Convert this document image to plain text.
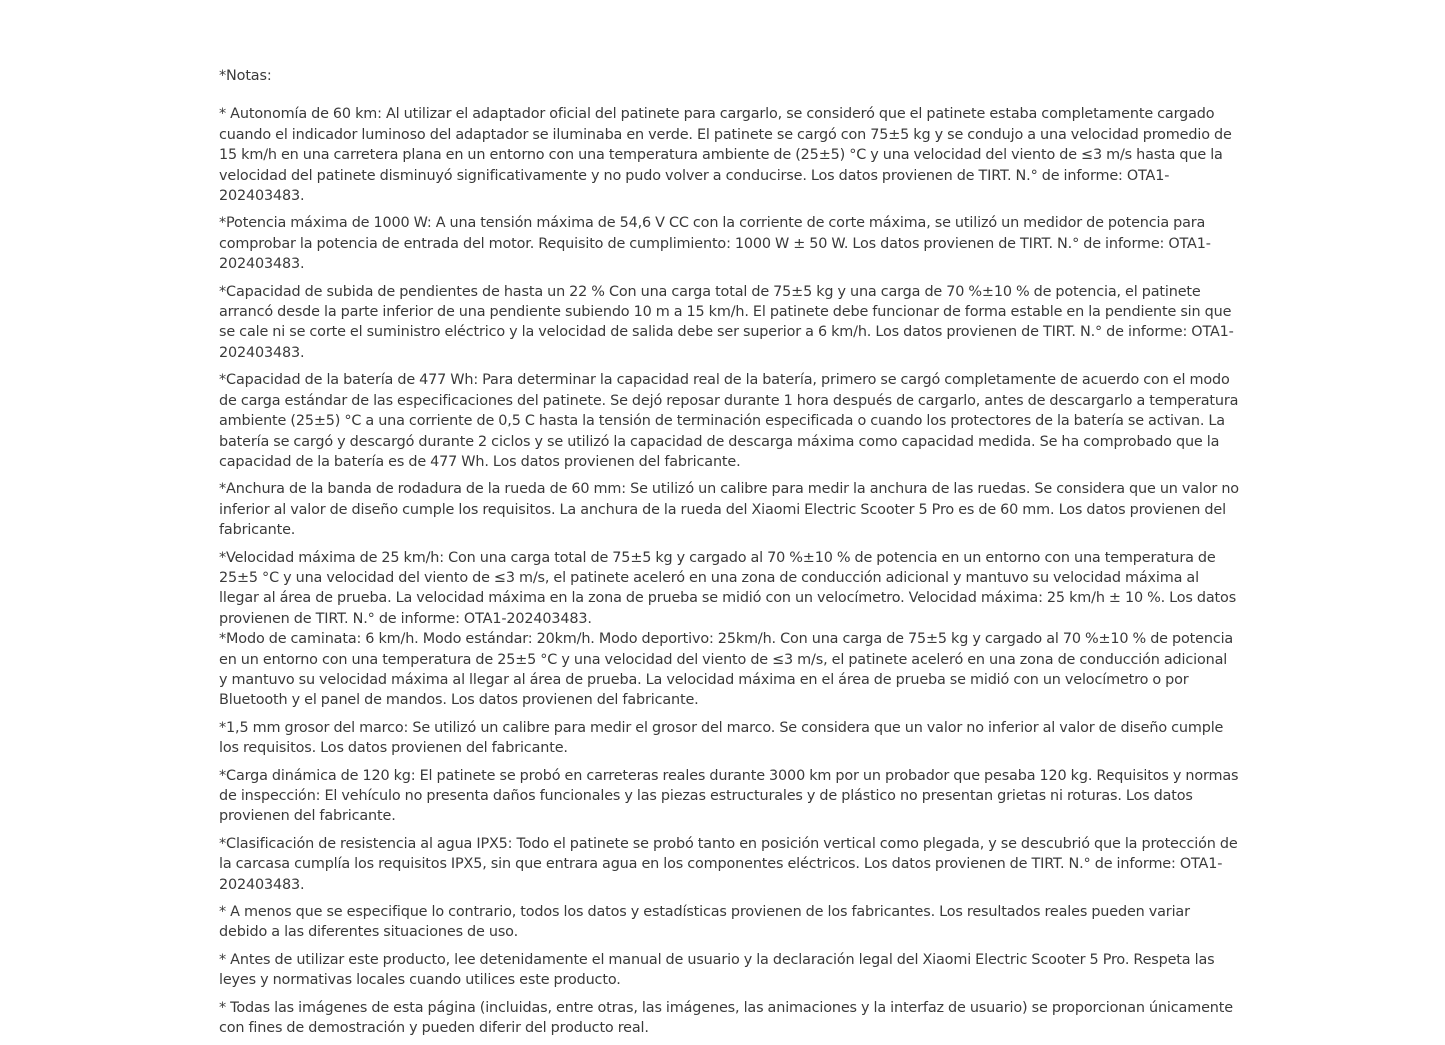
*Notas:

* Autonomía de 60 km: Al utilizar el adaptador oficial del patinete para cargarlo, se consideró que el patinete estaba completamente cargado cuando el indicador luminoso del adaptador se iluminaba en verde. El patinete se cargó con 75±5 kg y se condujo a una velocidad promedio de 15 km/h en una carretera plana en un entorno con una temperatura ambiente de (25±5) °C y una velocidad del viento de ≤3 m/s hasta que la velocidad del patinete disminuyó significativamente y no pudo volver a conducirse. Los datos provienen de TIRT. N.° de informe: OTA1-202403483.

*Potencia máxima de 1000 W: A una tensión máxima de 54,6 V CC con la corriente de corte máxima, se utilizó un medidor de potencia para comprobar la potencia de entrada del motor. Requisito de cumplimiento: 1000 W ± 50 W. Los datos provienen de TIRT. N.° de informe: OTA1-202403483.

*Capacidad de subida de pendientes de hasta un 22 % Con una carga total de 75±5 kg y una carga de 70 %±10 % de potencia, el patinete arrancó desde la parte inferior de una pendiente subiendo 10 m a 15 km/h. El patinete debe funcionar de forma estable en la pendiente sin que se cale ni se corte el suministro eléctrico y la velocidad de salida debe ser superior a 6 km/h. Los datos provienen de TIRT. N.° de informe: OTA1-202403483.

*Capacidad de la batería de 477 Wh: Para determinar la capacidad real de la batería, primero se cargó completamente de acuerdo con el modo de carga estándar de las especificaciones del patinete. Se dejó reposar durante 1 hora después de cargarlo, antes de descargarlo a temperatura ambiente (25±5) °C a una corriente de 0,5 C hasta la tensión de terminación especificada o cuando los protectores de la batería se activan. La batería se cargó y descargó durante 2 ciclos y se utilizó la capacidad de descarga máxima como capacidad medida. Se ha comprobado que la capacidad de la batería es de 477 Wh. Los datos provienen del fabricante.

*Anchura de la banda de rodadura de la rueda de 60 mm: Se utilizó un calibre para medir la anchura de las ruedas. Se considera que un valor no inferior al valor de diseño cumple los requisitos. La anchura de la rueda del Xiaomi Electric Scooter 5 Pro es de 60 mm. Los datos provienen del fabricante.

*Velocidad máxima de 25 km/h: Con una carga total de 75±5 kg y cargado al 70 %±10 % de potencia en un entorno con una temperatura de 25±5 °C y una velocidad del viento de ≤3 m/s, el patinete aceleró en una zona de conducción adicional y mantuvo su velocidad máxima al llegar al área de prueba. La velocidad máxima en la zona de prueba se midió con un velocímetro. Velocidad máxima: 25 km/h ± 10 %. Los datos provienen de TIRT. N.° de informe: OTA1-202403483.

*Modo de caminata: 6 km/h. Modo estándar: 20km/h. Modo deportivo: 25km/h. Con una carga de 75±5 kg y cargado al 70 %±10 % de potencia en un entorno con una temperatura de 25±5 °C y una velocidad del viento de ≤3 m/s, el patinete aceleró en una zona de conducción adicional y mantuvo su velocidad máxima al llegar al área de prueba. La velocidad máxima en el área de prueba se midió con un velocímetro o por Bluetooth y el panel de mandos. Los datos provienen del fabricante.

*1,5 mm grosor del marco: Se utilizó un calibre para medir el grosor del marco. Se considera que un valor no inferior al valor de diseño cumple los requisitos. Los datos provienen del fabricante.

*Carga dinámica de 120 kg: El patinete se probó en carreteras reales durante 3000 km por un probador que pesaba 120 kg. Requisitos y normas de inspección: El vehículo no presenta daños funcionales y las piezas estructurales y de plástico no presentan grietas ni roturas. Los datos provienen del fabricante.

*Clasificación de resistencia al agua IPX5: Todo el patinete se probó tanto en posición vertical como plegada, y se descubrió que la protección de la carcasa cumplía los requisitos IPX5, sin que entrara agua en los componentes eléctricos. Los datos provienen de TIRT. N.° de informe: OTA1-202403483.

* A menos que se especifique lo contrario, todos los datos y estadísticas provienen de los fabricantes. Los resultados reales pueden variar debido a las diferentes situaciones de uso.

* Antes de utilizar este producto, lee detenidamente el manual de usuario y la declaración legal del Xiaomi Electric Scooter 5 Pro. Respeta las leyes y normativas locales cuando utilices este producto.

* Todas las imágenes de esta página (incluidas, entre otras, las imágenes, las animaciones y la interfaz de usuario) se proporcionan únicamente con fines de demostración y pueden diferir del producto real.
